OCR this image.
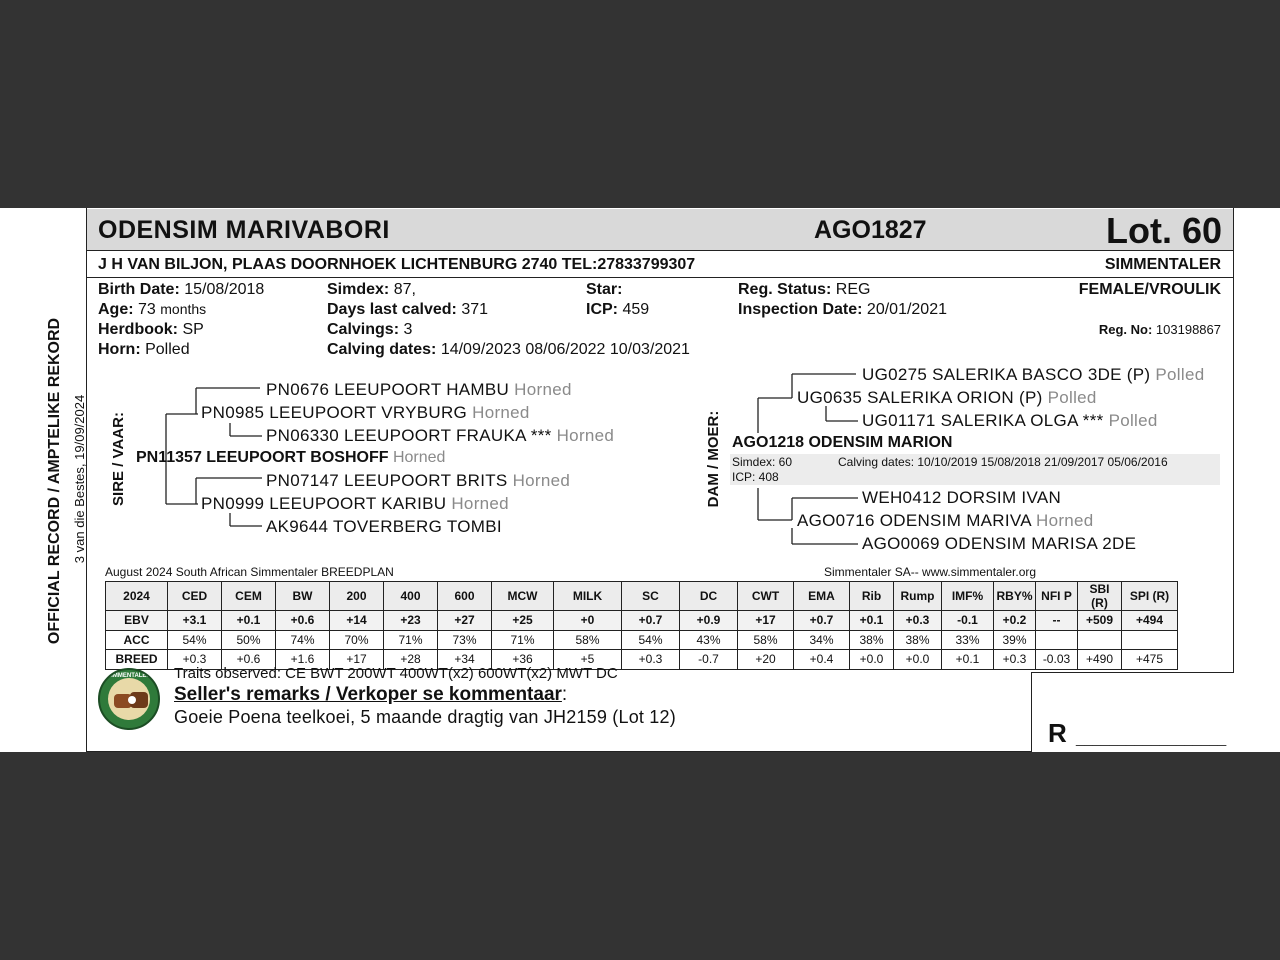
ODENSIM MARIVABORI	AGO1827	Lot. 60
J H VAN BILJON, PLAAS DOORNHOEK LICHTENBURG 2740 TEL:27833799307	SIMMENTALER
Birth Date: 15/08/2018
Age: 73 months
Herdbook: SP
Horn: Polled
Simdex: 87,
Days last calved: 371
Calvings: 3
Calving dates: 14/09/2023 08/06/2022 10/03/2021
Star:
ICP: 459
Reg. Status: REG
Inspection Date: 20/01/2021
FEMALE/VROULIK
Reg. No: 103198867
OFFICIAL RECORD / AMPTELIKE REKORD 3 van die Bestes, 19/09/2024 SIRE / VAAR:	DAM / MOER:
PN0676 LEEUPOORT HAMBU Horned
PN0985 LEEUPOORT VRYBURG Horned
PN06330 LEEUPOORT FRAUKA *** Horned
PN11357 LEEUPOORT BOSHOFF Horned
PN07147 LEEUPOORT BRITS Horned
PN0999 LEEUPOORT KARIBU Horned
AK9644 TOVERBERG TOMBI
UG0275 SALERIKA BASCO 3DE (P) Polled
UG0635 SALERIKA ORION (P) Polled
UG01171 SALERIKA OLGA *** Polled
AGO1218 ODENSIM MARION
Simdex: 60
ICP: 408
Calving dates: 10/10/2019 15/08/2018 21/09/2017 05/06/2016
WEH0412 DORSIM IVAN
AGO0716 ODENSIM MARIVA Horned
AGO0069 ODENSIM MARISA 2DE
August 2024 South African Simmentaler BREEDPLAN	Simmentaler SA-- www.simmentaler.org
2024	CED	CEM	BW	200	400	600	MCW	MILK	SC	DC	CWT	EMA	Rib	Rump	IMF%	RBY%	NFI P	SBI (R)	SPI (R)
EBV	+3.1	+0.1	+0.6	+14	+23	+27	+25	+0	+0.7	+0.9	+17	+0.7	+0.1	+0.3	-0.1	+0.2	--	+509	+494
ACC	54%	50%	74%	70%	71%	73%	71%	58%	54%	43%	58%	34%	38%	38%	33%	39%			
BREED	+0.3	+0.6	+1.6	+17	+28	+34	+36	+5	+0.3	-0.7	+20	+0.4	+0.0	+0.0	+0.1	+0.3	-0.03	+490	+475
SIMMENTALER	Traits observed: CE BWT 200WT 400WT(x2) 600WT(x2) MWT DC
Seller's remarks / Verkoper se kommentaar:
Goeie Poena teelkoei, 5 maande dragtig van JH2159 (Lot 12)
R __________________
